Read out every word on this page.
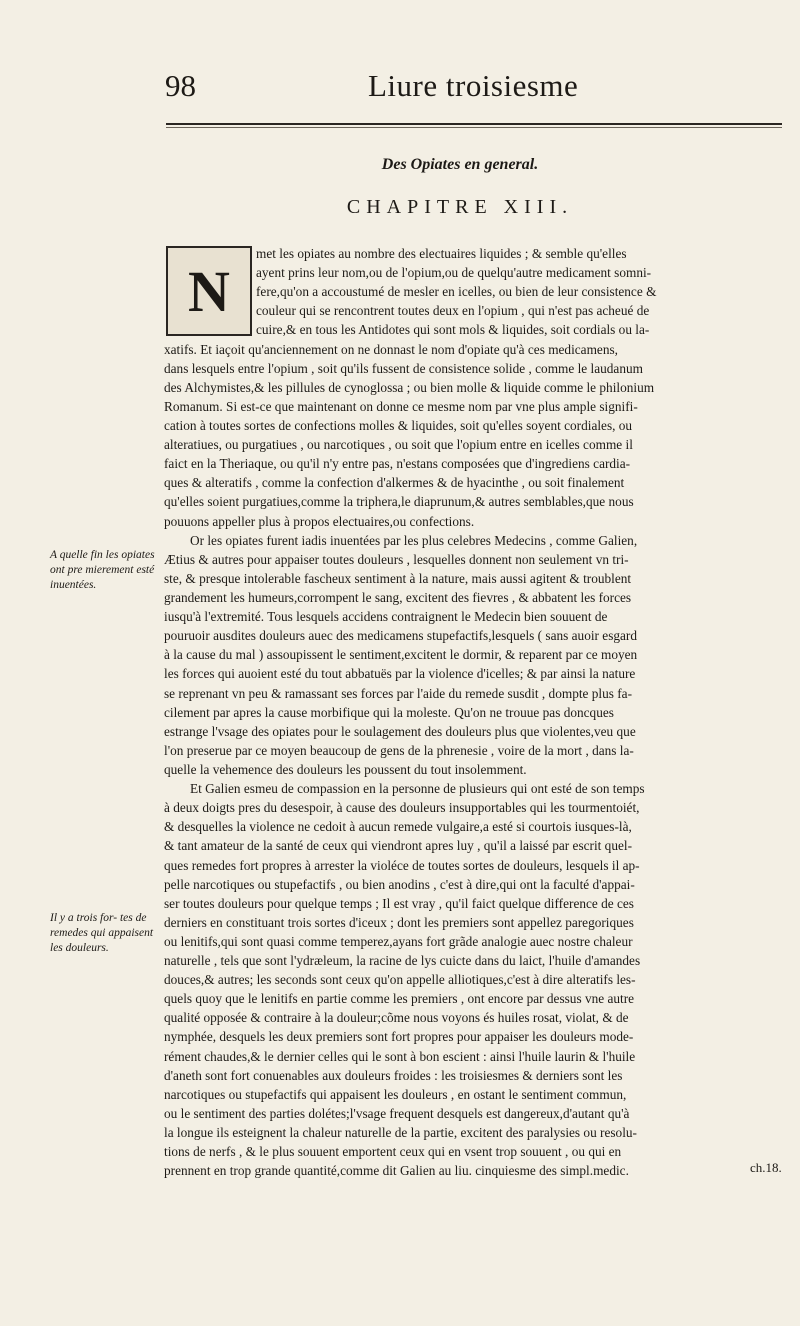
98	Liure troisiesme
Des Opiates en general.
CHAPITRE XIII.
N
met les opiates au nombre des electuaires liquides ; & semble qu'elles
ayent prins leur nom,ou de l'opium,ou de quelqu'autre medicament somni-
fere,qu'on a accoustumé de mesler en icelles, ou bien de leur consistence &
couleur qui se rencontrent toutes deux en l'opium , qui n'est pas acheué de
cuire,& en tous les Antidotes qui sont mols & liquides, soit cordials ou la-
xatifs. Et iaçoit qu'anciennement on ne donnast le nom d'opiate qu'à ces medicamens,
dans lesquels entre l'opium , soit qu'ils fussent de consistence solide , comme le laudanum
des Alchymistes,& les pillules de cynoglossa ; ou bien molle & liquide comme le philonium
Romanum. Si est-ce que maintenant on donne ce mesme nom par vne plus ample signifi-
cation à toutes sortes de confections molles & liquides, soit qu'elles soyent cordiales, ou
alteratiues, ou purgatiues , ou narcotiques , ou soit que l'opium entre en icelles comme il
faict en la Theriaque, ou qu'il n'y entre pas, n'estans composées que d'ingrediens cardia-
ques & alteratifs , comme la confection d'alkermes & de hyacinthe , ou soit finalement
qu'elles soient purgatiues,comme la triphera,le diaprunum,& autres semblables,que nous
pouuons appeller plus à propos electuaires,ou confections.
Or les opiates furent iadis inuentées par les plus celebres Medecins , comme Galien,
Ætius & autres pour appaiser toutes douleurs , lesquelles donnent non seulement vn tri-
ste, & presque intolerable fascheux sentiment à la nature, mais aussi agitent & troublent
grandement les humeurs,corrompent le sang, excitent des fievres , & abbatent les forces
iusqu'à l'extremité. Tous lesquels accidens contraignent le Medecin bien souuent de
pouruoir ausdites douleurs auec des medicamens stupefactifs,lesquels ( sans auoir esgard
à la cause du mal ) assoupissent le sentiment,excitent le dormir, & reparent par ce moyen
les forces qui auoient esté du tout abbatuës par la violence d'icelles; & par ainsi la nature
se reprenant vn peu & ramassant ses forces par l'aide du remede susdit , dompte plus fa-
cilement par apres la cause morbifique qui la moleste. Qu'on ne trouue pas doncques
estrange l'vsage des opiates pour le soulagement des douleurs plus que violentes,veu que
l'on preserue par ce moyen beaucoup de gens de la phrenesie , voire de la mort , dans la-
quelle la vehemence des douleurs les poussent du tout insolemment.
Et Galien esmeu de compassion en la personne de plusieurs qui ont esté de son temps
à deux doigts pres du desespoir, à cause des douleurs insupportables qui les tourmentoiét,
& desquelles la violence ne cedoit à aucun remede vulgaire,a esté si courtois iusques-là,
& tant amateur de la santé de ceux qui viendront apres luy , qu'il a laissé par escrit quel-
ques remedes fort propres à arrester la violéce de toutes sortes de douleurs, lesquels il ap-
pelle narcotiques ou stupefactifs , ou bien anodins , c'est à dire,qui ont la faculté d'appai-
ser toutes douleurs pour quelque temps ; Il est vray , qu'il faict quelque difference de ces
derniers en constituant trois sortes d'iceux ; dont les premiers sont appellez paregoriques
ou lenitifs,qui sont quasi comme temperez,ayans fort grãde analogie auec nostre chaleur
naturelle , tels que sont l'ydræleum, la racine de lys cuicte dans du laict, l'huile d'amandes
douces,& autres; les seconds sont ceux qu'on appelle alliotiques,c'est à dire alteratifs les-
quels quoy que le lenitifs en partie comme les premiers , ont encore par dessus vne autre
qualité opposée & contraire à la douleur;cõme nous voyons és huiles rosat, violat, & de
nymphée, desquels les deux premiers sont fort propres pour appaiser les douleurs mode-
rément chaudes,& le dernier celles qui le sont à bon escient : ainsi l'huile laurin & l'huile
d'aneth sont fort conuenables aux douleurs froides : les troisiesmes & derniers sont les
narcotiques ou stupefactifs qui appaisent les douleurs , en ostant le sentiment commun,
ou le sentiment des parties dolétes;l'vsage frequent desquels est dangereux,d'autant qu'à
la longue ils esteignent la chaleur naturelle de la partie, excitent des paralysies ou resolu-
tions de nerfs , & le plus souuent emportent ceux qui en vsent trop souuent , ou qui en
prennent en trop grande quantité,comme dit Galien au liu. cinquiesme des simpl.medic.
A quelle fin les opiates ont pre mierement esté inuentées.
Il y a trois for- tes de remedes qui appaisent les douleurs.
ch.18.
